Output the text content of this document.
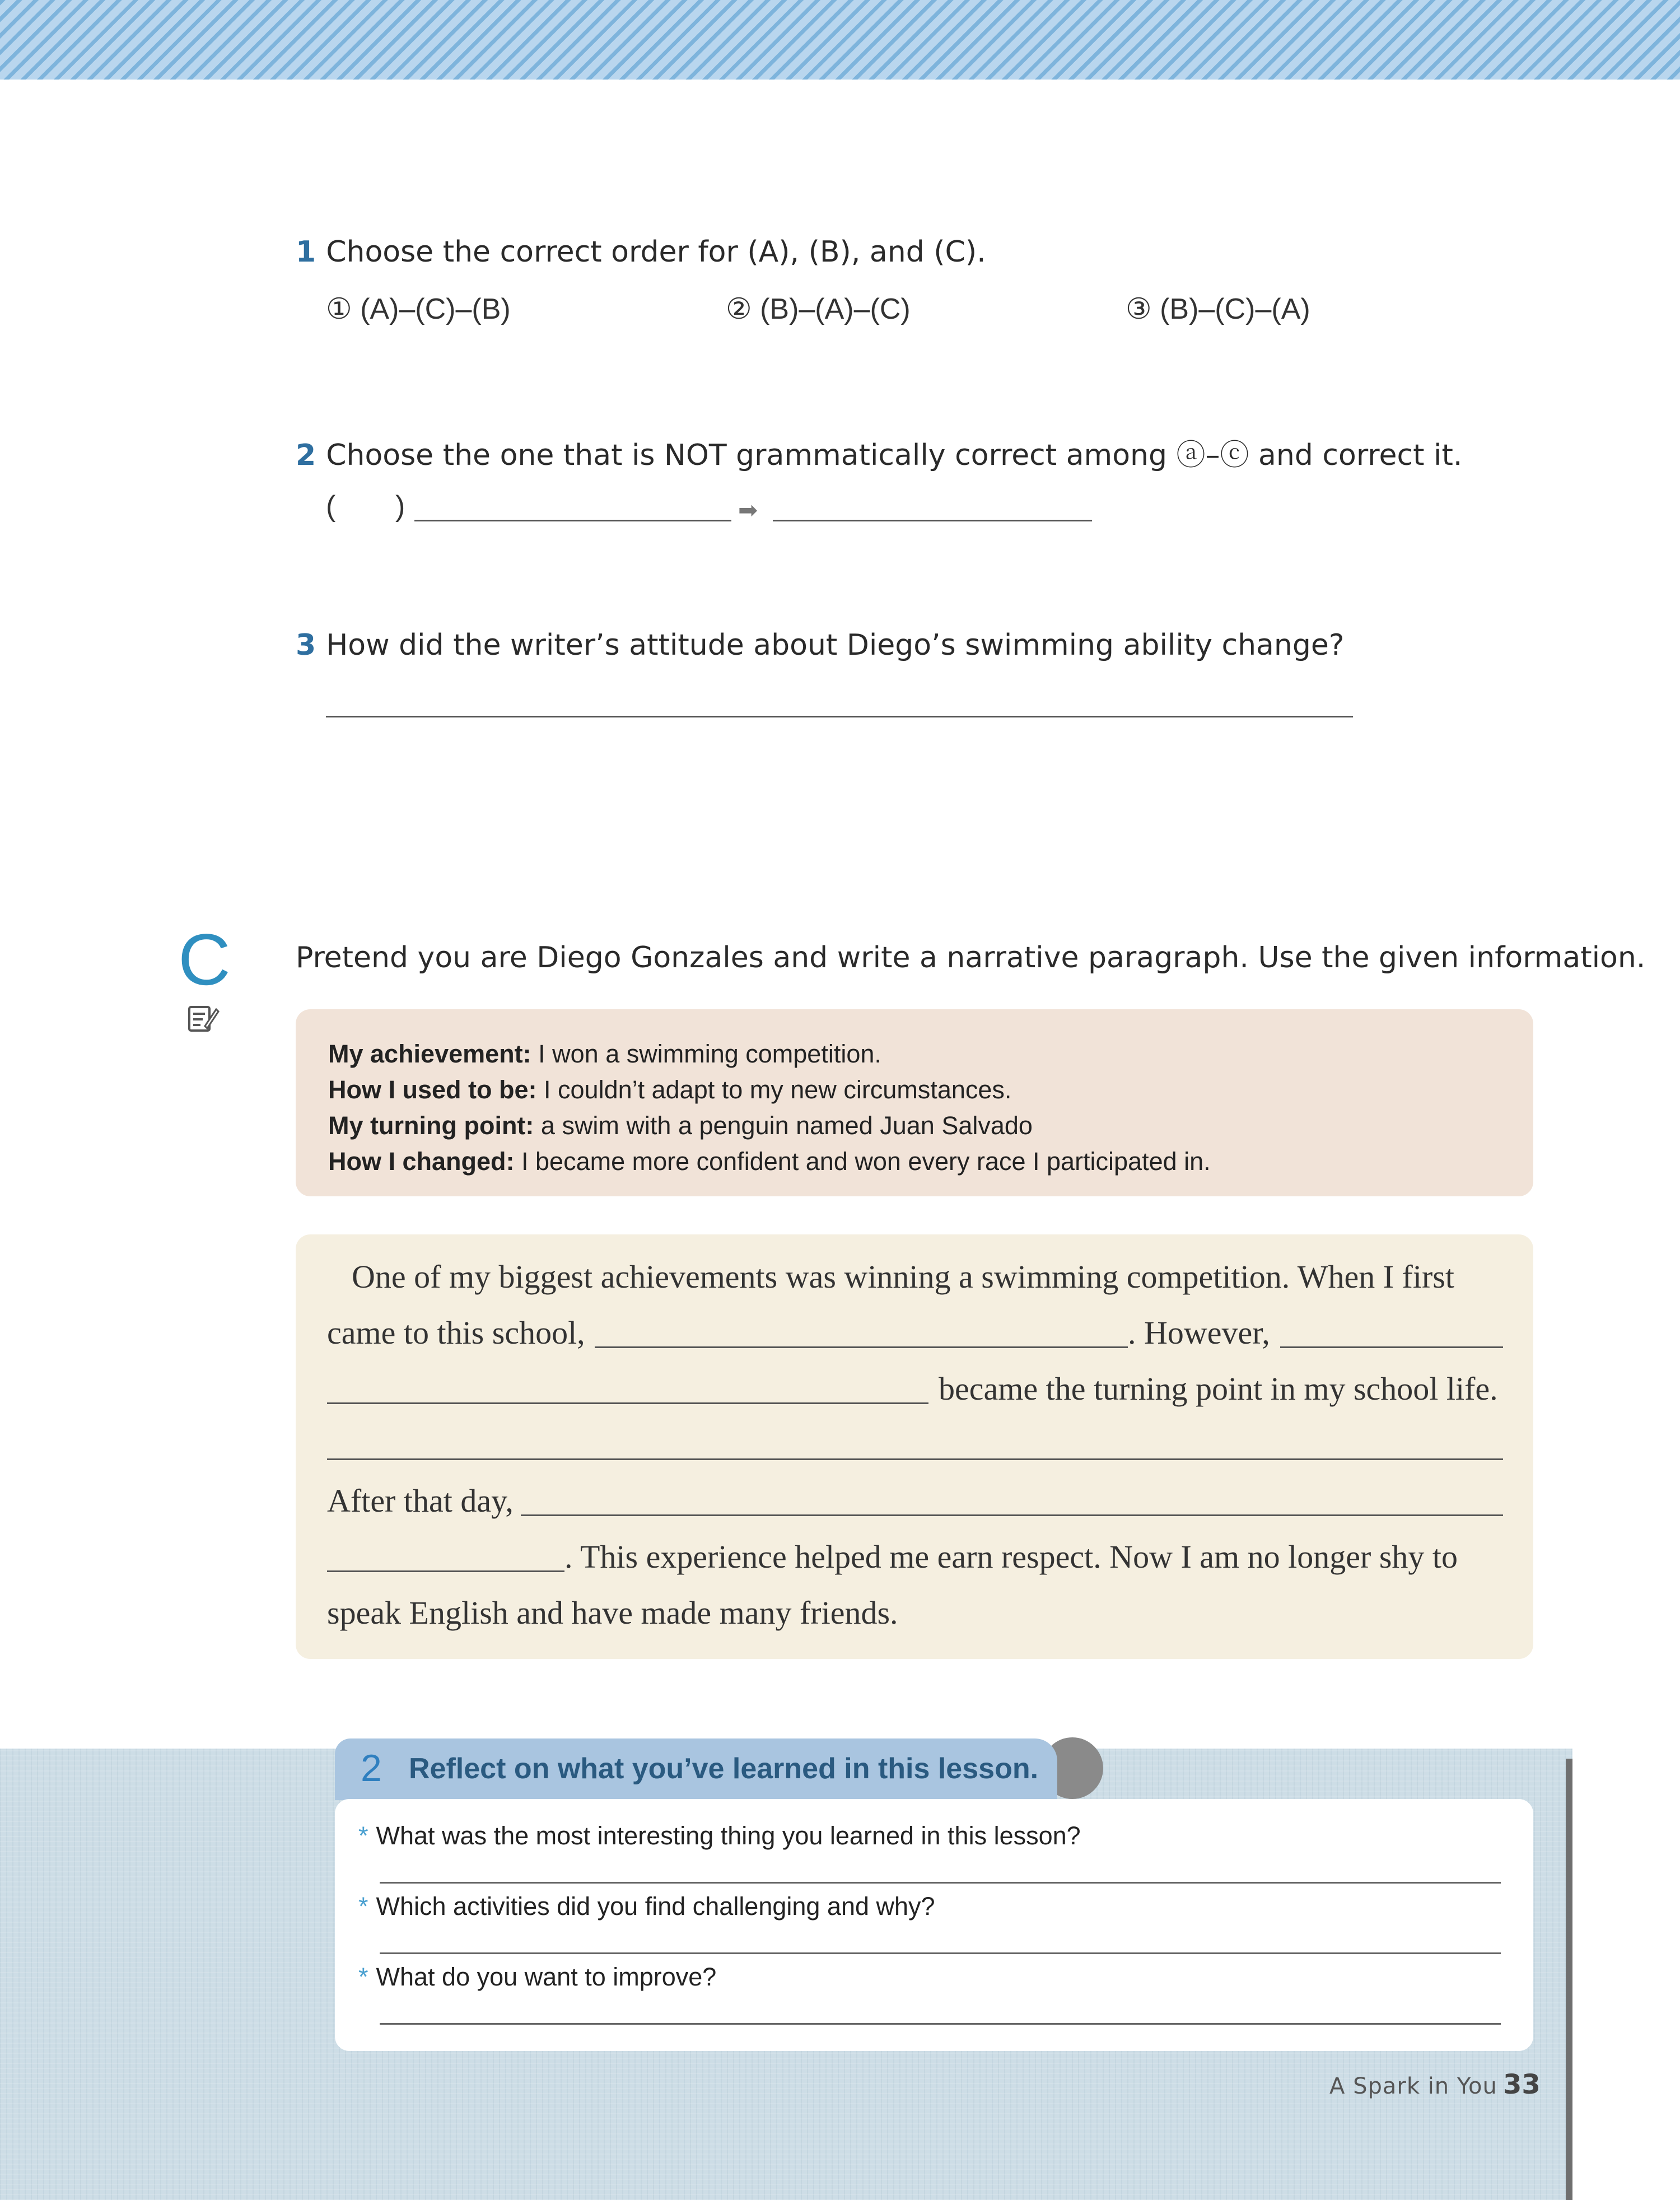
1 Choose the correct order for (A), (B), and (C).
① (A)–(C)–(B)	② (B)–(A)–(C)	③ (B)–(C)–(A)
2 Choose the one that is NOT grammatically correct among ⓐ–ⓒ and correct it.
( )	➡
3 How did the writer’s attitude about Diego’s swimming ability change?
C Pretend you are Diego Gonzales and write a narrative paragraph. Use the given information.
My achievement: I won a swimming competition.
How I used to be: I couldn’t adapt to my new circumstances.
My turning point: a swim with a penguin named Juan Salvado
How I changed: I became more confident and won every race I participated in.
One of my biggest achievements was winning a swimming competition. When I first
came to this school,	. However,
became the turning point in my school life.
After that day,
. This experience helped me earn respect. Now I am no longer shy to
speak English and have made many friends.
2 Reflect on what you’ve learned in this lesson.
* What was the most interesting thing you learned in this lesson?
* Which activities did you find challenging and why?
* What do you want to improve?
A Spark in You 33
